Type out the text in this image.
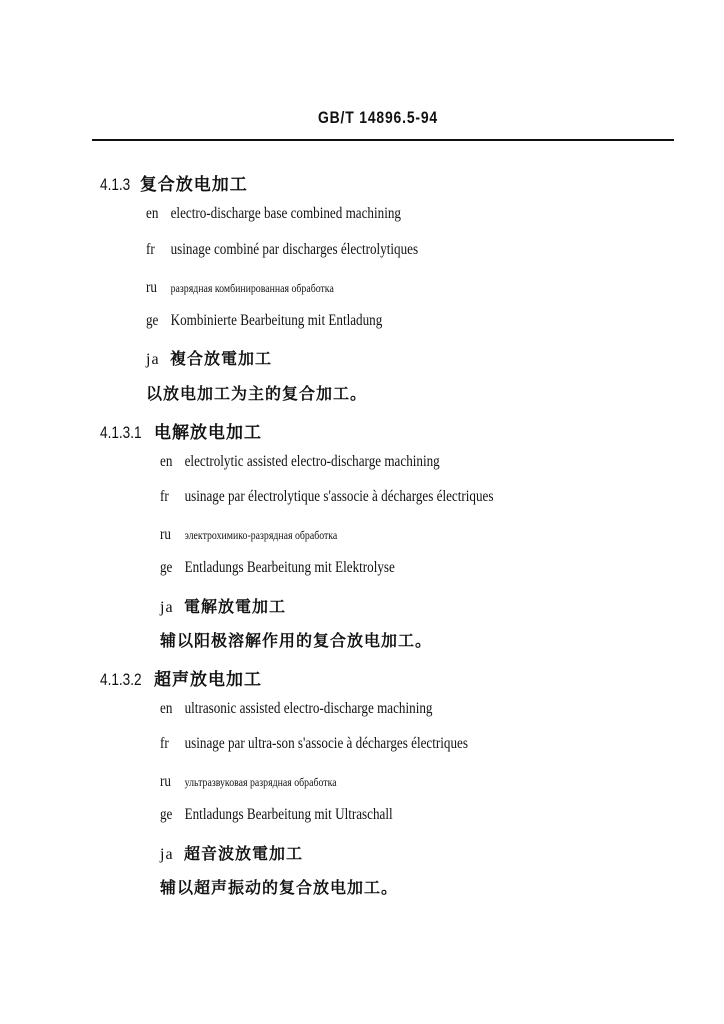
GB/T 14896.5-94
4.1.3 复合放电加工
en electro-discharge base combined machining
fr usinage combiné par discharges électrolytiques
ru разрядная комбинированная обработка
ge Kombinierte Bearbeitung mit Entladung
ja 複合放電加工
以放电加工为主的复合加工。
4.1.3.1 电解放电加工
en electrolytic assisted electro-discharge machining
fr usinage par électrolytique s'associe à décharges électriques
ru электрохимико-разрядная обработка
ge Entladungs Bearbeitung mit Elektrolyse
ja 電解放電加工
辅以阳极溶解作用的复合放电加工。
4.1.3.2 超声放电加工
en ultrasonic assisted electro-discharge machining
fr usinage par ultra-son s'associe à décharges électriques
ru ультразвуковая разрядная обработка
ge Entladungs Bearbeitung mit Ultraschall
ja 超音波放電加工
辅以超声振动的复合放电加工。
